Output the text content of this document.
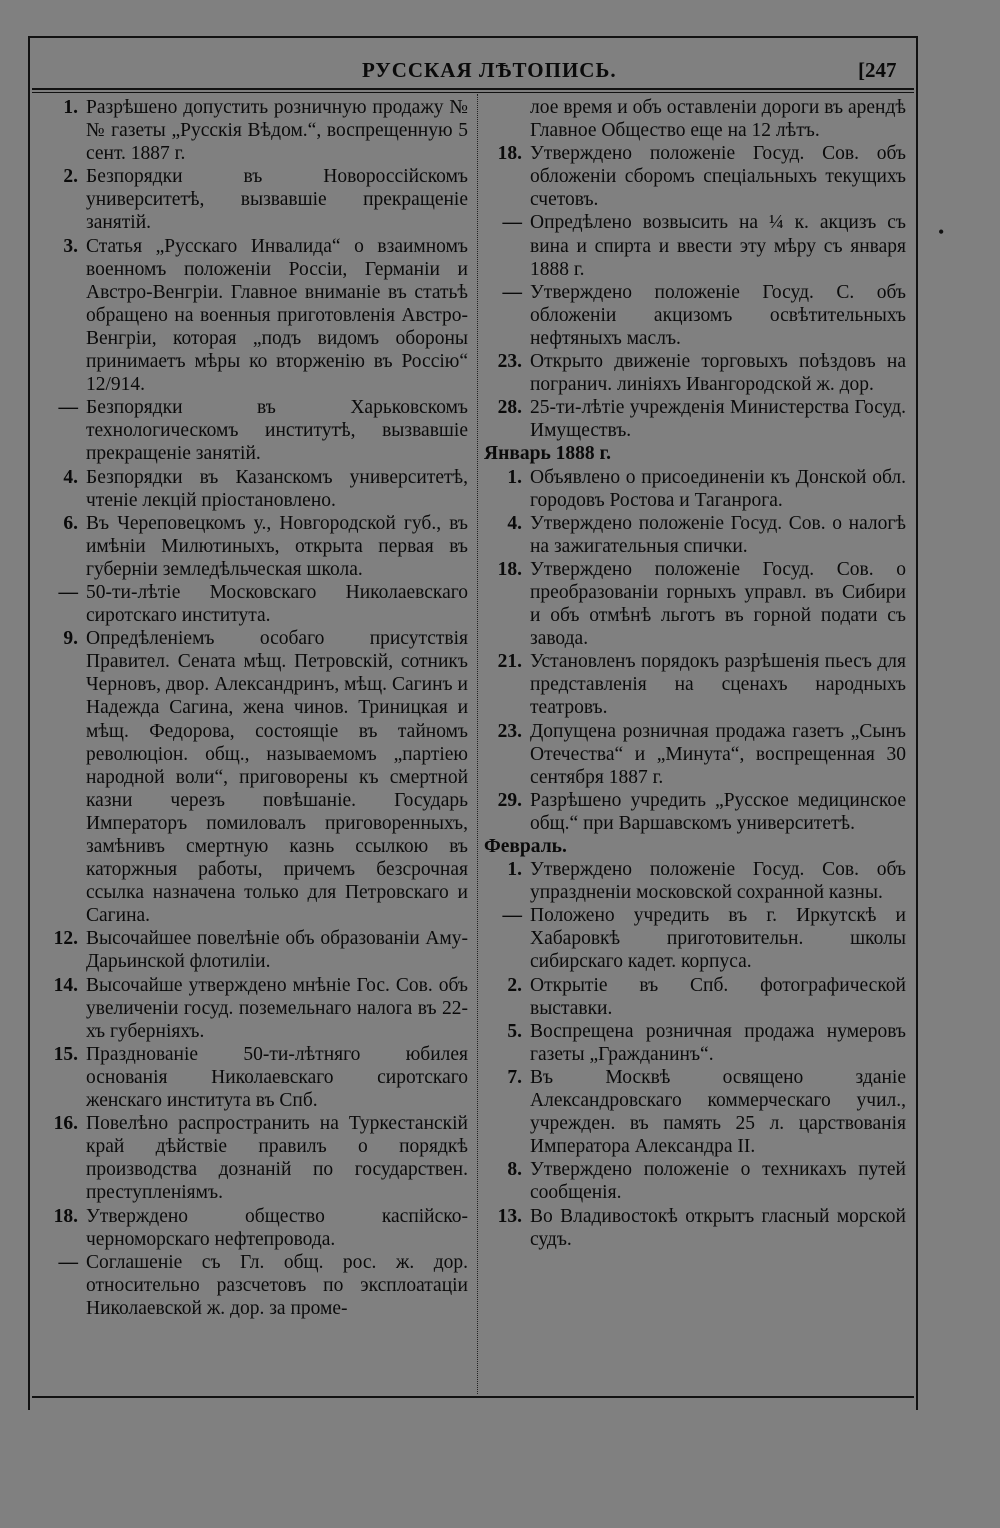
РУССКАЯ ЛѢТОПИСЬ.	[247
•
1. Разрѣшено допустить розничную продажу №№ газеты „Русскія Вѣдом.“, воспрещенную 5 сент. 1887 г.
2. Безпорядки въ Новороссійскомъ университетѣ, вызвавшіе прекращеніе занятій.
3. Статья „Русскаго Инвалида“ о взаимномъ военномъ положеніи Россіи, Германіи и Австро-Венгріи. Главное вниманіе въ статьѣ обращено на военныя приготовленія Австро-Венгріи, которая „подъ видомъ обороны принимаетъ мѣры ко вторженію въ Россію“ 12/914.
— Безпорядки въ Харьковскомъ технологическомъ институтѣ, вызвавшіе прекращеніе занятій.
4. Безпорядки въ Казанскомъ университетѣ, чтеніе лекцій пріостановлено.
6. Въ Череповецкомъ у., Новгородской губ., въ имѣніи Милютиныхъ, открыта первая въ губерніи земледѣльческая школа.
— 50-ти-лѣтіе Московскаго Николаевскаго сиротскаго института.
9. Опредѣленіемъ особаго присутствія Правител. Сената мѣщ. Петровскій, сотникъ Черновъ, двор. Александринъ, мѣщ. Сагинъ и Надежда Сагина, жена чинов. Триницкая и мѣщ. Федорова, состоящіе въ тайномъ революціон. общ., называемомъ „партіею народной воли“, приговорены къ смертной казни черезъ повѣшаніе. Государь Императоръ помиловалъ приговоренныхъ, замѣнивъ смертную казнь ссылкою въ каторжныя работы, причемъ безсрочная ссылка назначена только для Петровскаго и Сагина.
12. Высочайшее повелѣніе объ образованіи Аму-Дарьинской флотиліи.
14. Высочайше утвержденo мнѣніе Гос. Сов. объ увеличеніи госуд. поземельнаго налога въ 22-хъ губерніяхъ.
15. Празднованіе 50-ти-лѣтняго юбилея основанія Николаевскаго сиротскаго женскаго института въ Спб.
16. Повелѣно распространить на Туркестанскій край дѣйствіе правилъ о порядкѣ производства дознаній по государствен. преступленіямъ.
18. Утверждено общество каспійско-черноморскаго нефтепровода.
— Соглашеніе съ Гл. общ. рос. ж. дор. относительно разсчетовъ по эксплоатаціи Николаевской ж. дор. за проме-
лое время и объ оставленіи дороги въ арендѣ Главное Общество еще на 12 лѣтъ.
18. Утверждено положеніе Госуд. Сов. объ обложеніи сборомъ спеціальныхъ текущихъ счетовъ.
— Опредѣлено возвысить на ¼ к. акцизъ съ вина и спирта и ввести эту мѣру съ января 1888 г.
— Утверждено положеніе Госуд. С. объ обложеніи акцизомъ освѣтительныхъ нефтяныхъ маслъ.
23. Открыто движеніе торговыхъ поѣздовъ на погранич. линіяхъ Ивангородской ж. дор.
28. 25-ти-лѣтіе учрежденія Министерства Госуд. Имуществъ.
Январь 1888 г.
1. Объявлено о присоединеніи къ Донской обл. городовъ Ростова и Таганрога.
4. Утверждено положеніе Госуд. Сов. о налогѣ на зажигательныя спички.
18. Утверждено положеніе Госуд. Сов. о преобразованіи горныхъ управл. въ Сибири и объ отмѣнѣ льготъ въ горной подати съ завода.
21. Установленъ порядокъ разрѣшенія пьесъ для представленія на сценахъ народныхъ театровъ.
23. Допущена розничная продажа газетъ „Сынъ Отечества“ и „Минута“, воспрещенная 30 сентября 1887 г.
29. Разрѣшено учредить „Русское медицинское общ.“ при Варшавскомъ университетѣ.
Февраль.
1. Утверждено положеніе Госуд. Сов. объ упраздненіи московской сохранной казны.
— Положено учредить въ г. Иркутскѣ и Хабаровкѣ приготовительн. школы сибирскаго кадет. корпуса.
2. Открытіе въ Спб. фотографической выставки.
5. Воспрещена розничная продажа нумеровъ газеты „Гражданинъ“.
7. Въ Москвѣ освящено зданіе Александровскаго коммерческаго учил., учрежден. въ память 25 л. царствованія Императора Александра II.
8. Утверждено положеніе о техникахъ путей сообщенія.
13. Во Владивостокѣ открытъ гласный морской судъ.
